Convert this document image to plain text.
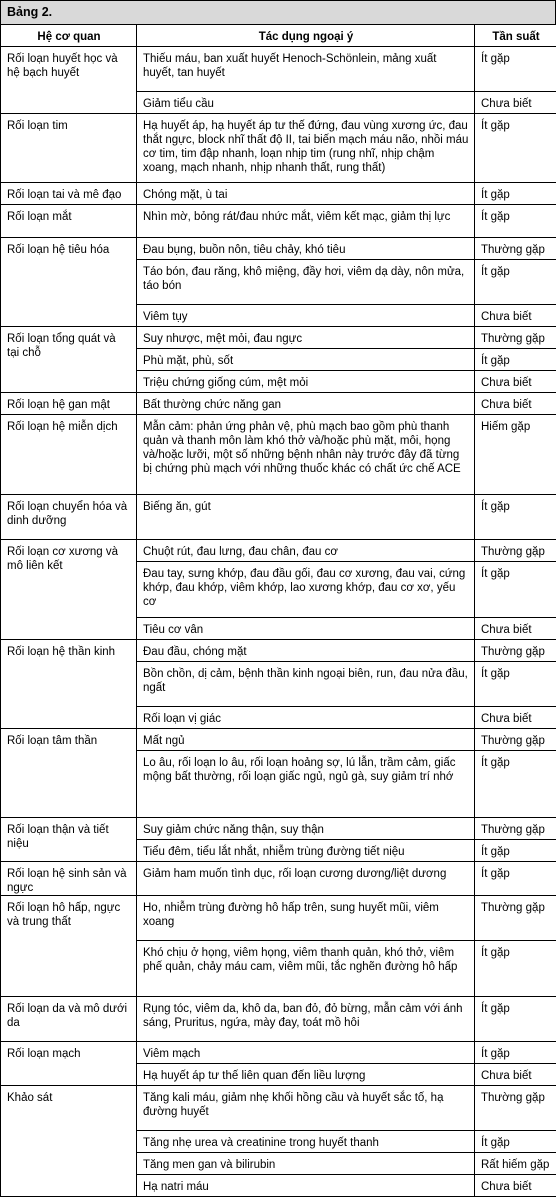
Bảng 2.
Hệ cơ quan	Tác dụng ngoại ý	Tần suất
Rối loạn huyết học và hệ bạch huyết	Thiếu máu, ban xuất huyết Henoch-Schönlein, mảng xuất huyết, tan huyết	Ít gặp
	Giảm tiểu cầu	Chưa biết
Rối loạn tim	Hạ huyết áp, hạ huyết áp tư thế đứng, đau vùng xương ức, đau thắt ngực, block nhĩ thất độ II, tai biến mạch máu não, nhồi máu cơ tim, tim đập nhanh, loạn nhịp tim (rung nhĩ, nhịp chậm xoang, mạch nhanh, nhịp nhanh thất, rung thất)	Ít gặp
Rối loạn tai và mê đạo	Chóng mặt, ù tai	Ít gặp
Rối loạn mắt	Nhìn mờ, bỏng rát/đau nhức mắt, viêm kết mạc, giảm thị lực	Ít gặp
Rối loạn hệ tiêu hóa	Đau bụng, buồn nôn, tiêu chảy, khó tiêu	Thường gặp
	Táo bón, đau răng, khô miệng, đầy hơi, viêm dạ dày, nôn mửa, táo bón	Ít gặp
	Viêm tụy	Chưa biết
Rối loạn tổng quát và tại chỗ	Suy nhược, mệt mỏi, đau ngực	Thường gặp
	Phù mặt, phù, sốt	Ít gặp
	Triệu chứng giống cúm, mệt mỏi	Chưa biết
Rối loạn hệ gan mật	Bất thường chức năng gan	Chưa biết
Rối loạn hệ miễn dịch	Mẫn cảm: phản ứng phản vệ, phù mạch bao gồm phù thanh quản và thanh môn làm khó thở và/hoặc phù mặt, môi, họng và/hoặc lưỡi, một số những bệnh nhân này trước đây đã từng bị chứng phù mạch với những thuốc khác có chất ức chế ACE	Hiếm gặp
Rối loạn chuyển hóa và dinh dưỡng	Biếng ăn, gút	Ít gặp
Rối loạn cơ xương và mô liên kết	Chuột rút, đau lưng, đau chân, đau cơ	Thường gặp
	Đau tay, sưng khớp, đau đầu gối, đau cơ xương, đau vai, cứng khớp, đau khớp, viêm khớp, lao xương khớp, đau cơ xơ, yếu cơ	Ít gặp
	Tiêu cơ vân	Chưa biết
Rối loạn hệ thần kinh	Đau đầu, chóng mặt	Thường gặp
	Bồn chồn, dị cảm, bệnh thần kinh ngoại biên, run, đau nửa đầu, ngất	Ít gặp
	Rối loạn vị giác	Chưa biết
Rối loạn tâm thần	Mất ngủ	Thường gặp
	Lo âu, rối loạn lo âu, rối loạn hoảng sợ, lú lẫn, trầm cảm, giấc mộng bất thường, rối loạn giấc ngủ, ngủ gà, suy giảm trí nhớ	Ít gặp
Rối loạn thận và tiết niệu	Suy giảm chức năng thận, suy thận	Thường gặp
	Tiểu đêm, tiểu lắt nhắt, nhiễm trùng đường tiết niệu	Ít gặp
Rối loạn hệ sinh sản và ngực	Giảm ham muốn tình dục, rối loạn cương dương/liệt dương	Ít gặp
Rối loạn hô hấp, ngực và trung thất	Ho, nhiễm trùng đường hô hấp trên, sung huyết mũi, viêm xoang	Thường gặp
	Khó chịu ở họng, viêm họng, viêm thanh quản, khó thở, viêm phế quản, chảy máu cam, viêm mũi, tắc nghẽn đường hô hấp	Ít gặp
Rối loạn da và mô dưới da	Rụng tóc, viêm da, khô da, ban đỏ, đỏ bừng, mẫn cảm với ánh sáng, Pruritus, ngứa, mày đay, toát mồ hôi	Ít gặp
Rối loạn mạch	Viêm mạch	Ít gặp
	Hạ huyết áp tư thế liên quan đến liều lượng	Chưa biết
Khảo sát	Tăng kali máu, giảm nhẹ khối hồng cầu và huyết sắc tố, hạ đường huyết	Thường gặp
	Tăng nhẹ urea và creatinine trong huyết thanh	Ít gặp
	Tăng men gan và bilirubin	Rất hiếm gặp
	Hạ natri máu	Chưa biết
